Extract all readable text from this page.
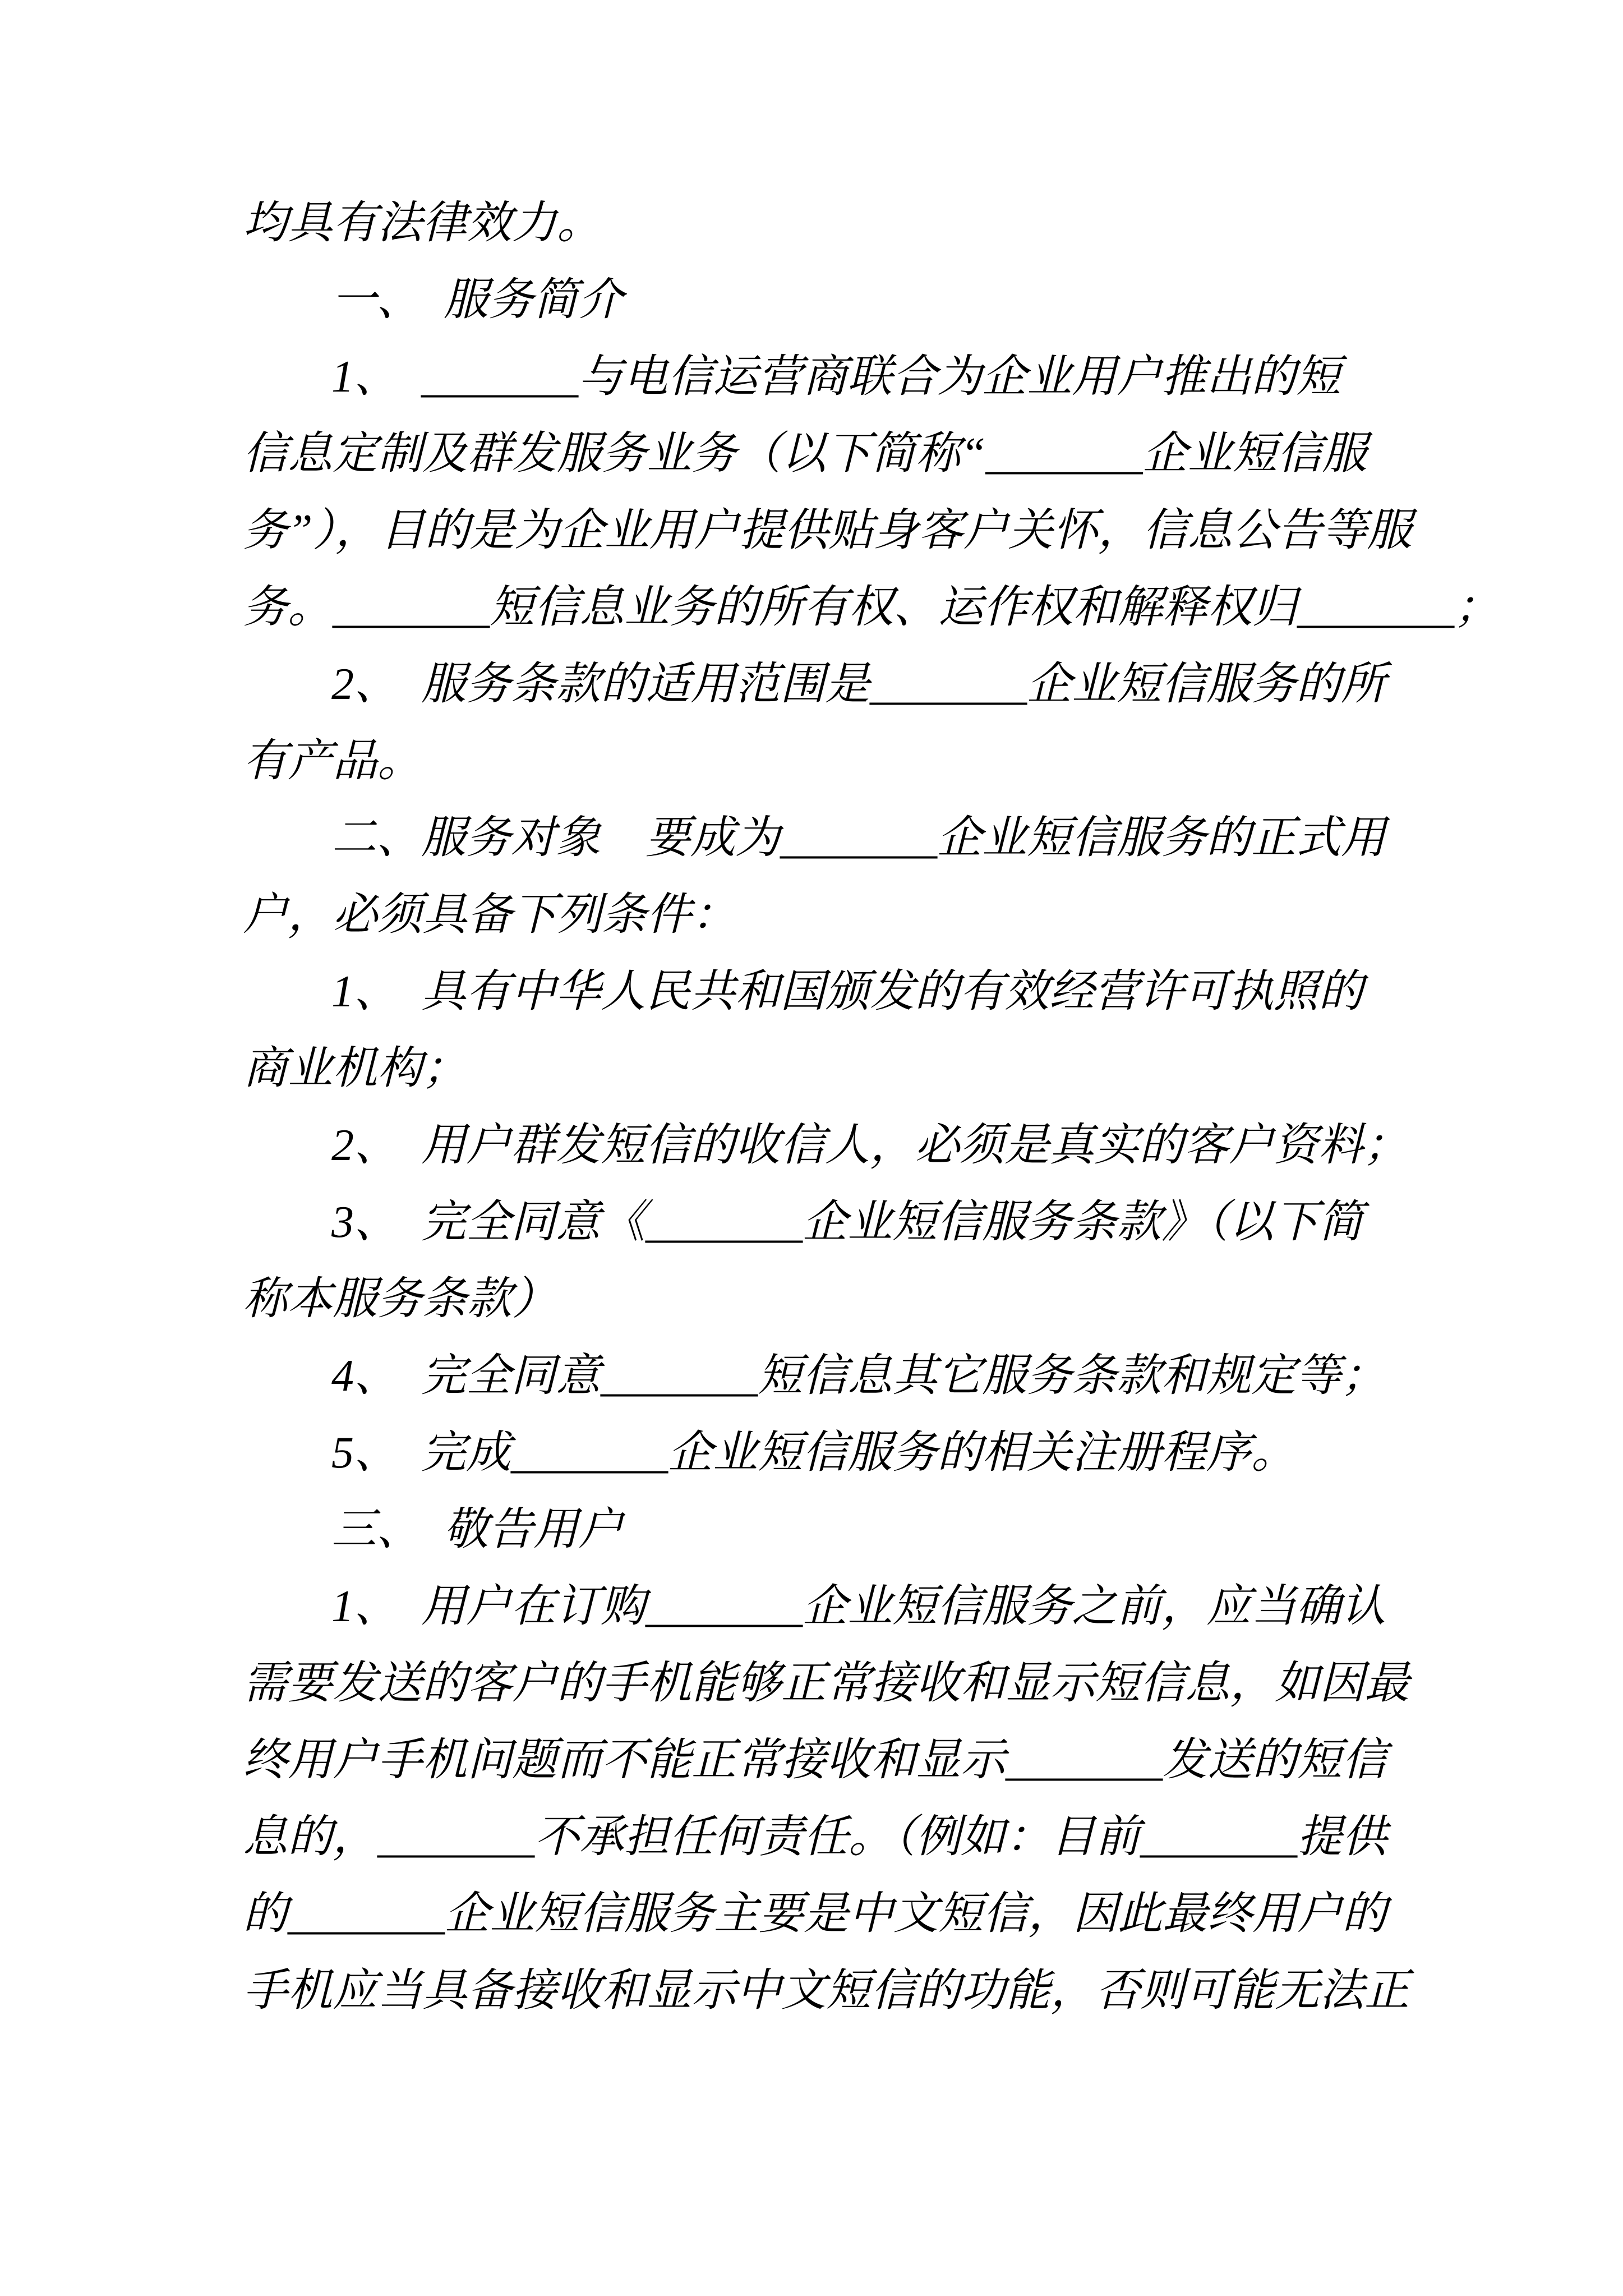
均具有法律效力。
一、　服务简介
1、　_______与电信运营商联合为企业用户推出的短
信息定制及群发服务业务（以下简称“_______企业短信服
务”），目的是为企业用户提供贴身客户关怀，信息公告等服
务。_______短信息业务的所有权、运作权和解释权归_______；
2、　服务条款的适用范围是_______企业短信服务的所
有产品。
二、服务对象　要成为_______企业短信服务的正式用
户，必须具备下列条件：
1、　具有中华人民共和国颁发的有效经营许可执照的
商业机构；
2、　用户群发短信的收信人，必须是真实的客户资料；
3、　完全同意《_______企业短信服务条款》（以下简
称本服务条款）
4、　完全同意_______短信息其它服务条款和规定等；
5、　完成_______企业短信服务的相关注册程序。
三、　敬告用户
1、　用户在订购_______企业短信服务之前，应当确认
需要发送的客户的手机能够正常接收和显示短信息，如因最
终用户手机问题而不能正常接收和显示_______发送的短信
息的，_______不承担任何责任。（例如：目前_______提供
的_______企业短信服务主要是中文短信，因此最终用户的
手机应当具备接收和显示中文短信的功能，否则可能无法正
